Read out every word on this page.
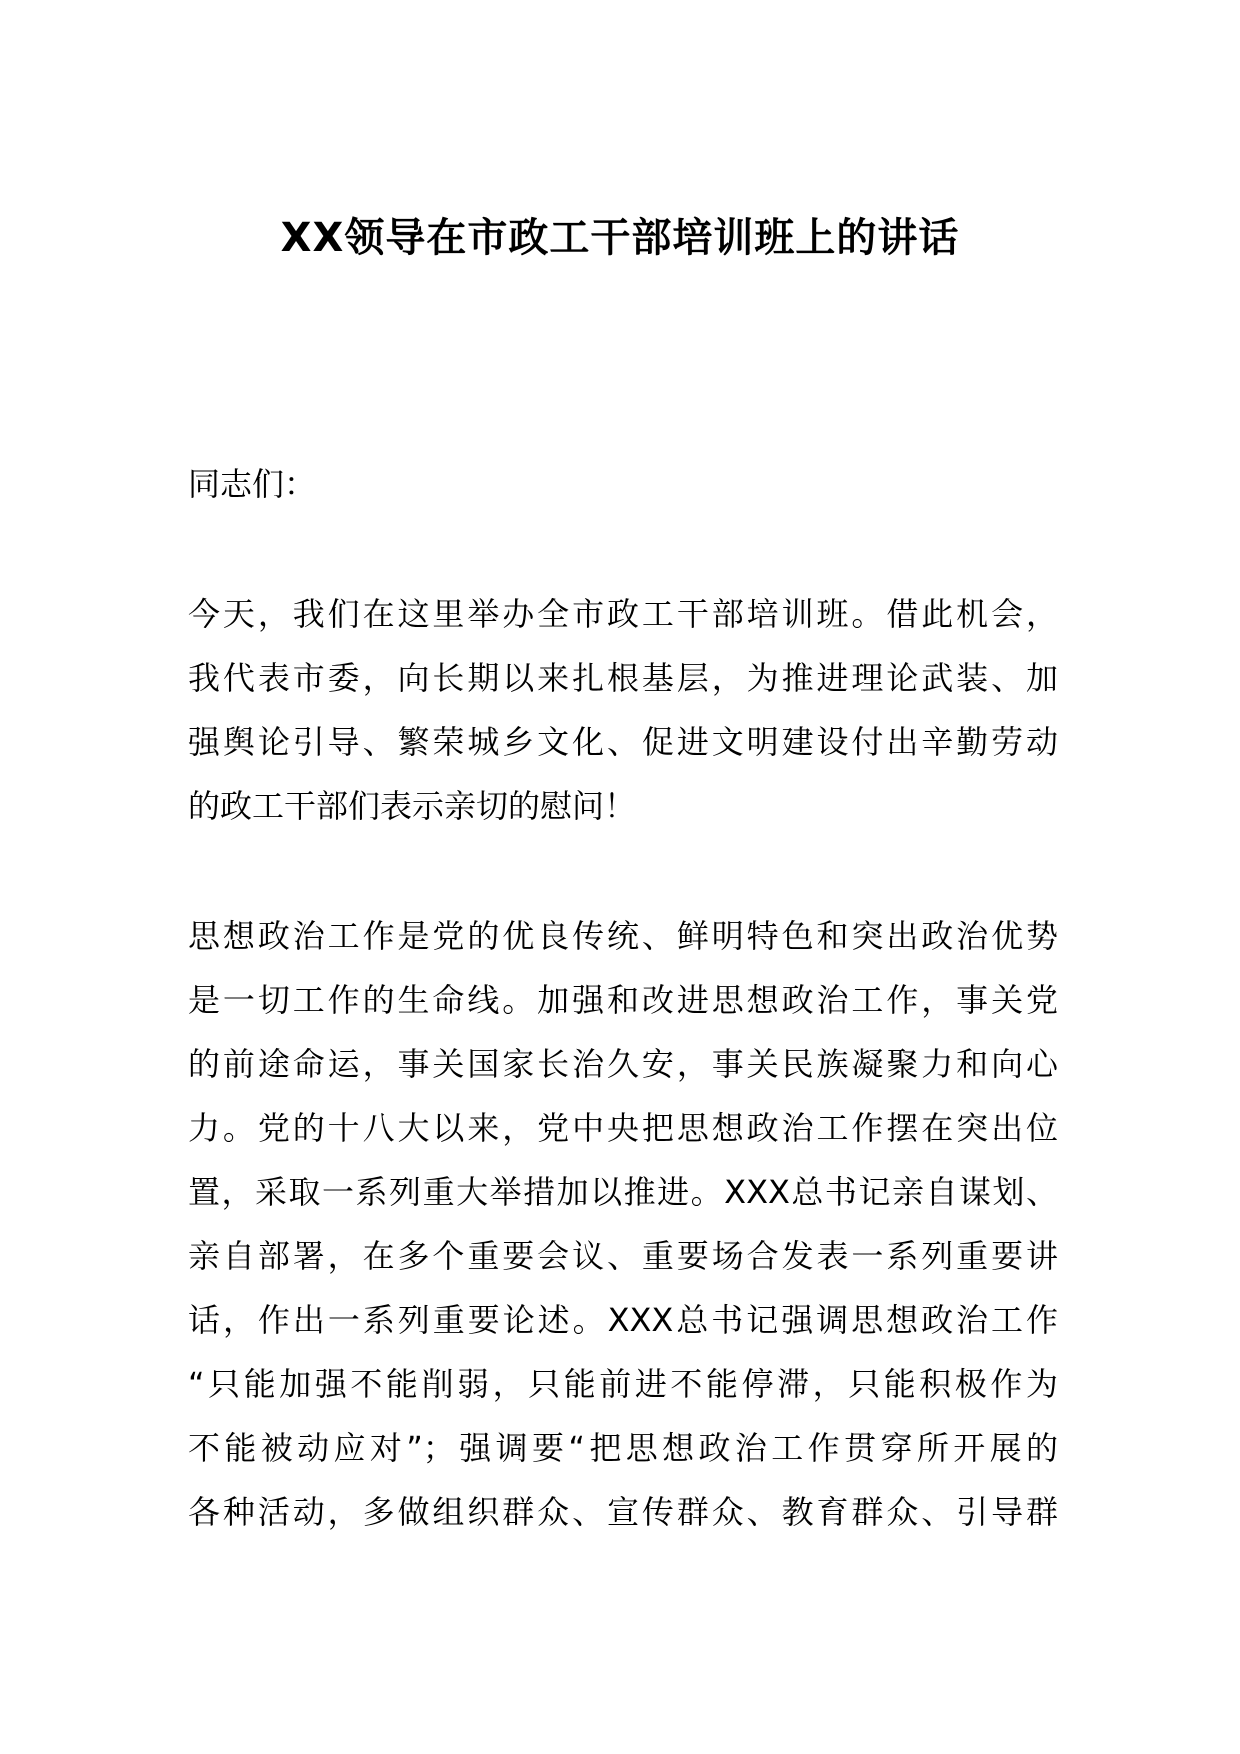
XX领导在市政工干部培训班上的讲话

同志们：

今天，我们在这里举办全市政工干部培训班。借此机会，
我代表市委，向长期以来扎根基层，为推进理论武装、加
强舆论引导、繁荣城乡文化、促进文明建设付出辛勤劳动
的政工干部们表示亲切的慰问！
思想政治工作是党的优良传统、鲜明特色和突出政治优势
是一切工作的生命线。加强和改进思想政治工作，事关党
的前途命运，事关国家长治久安，事关民族凝聚力和向心
力。党的十八大以来，党中央把思想政治工作摆在突出位
置，采取一系列重大举措加以推进。XXX总书记亲自谋划、
亲自部署，在多个重要会议、重要场合发表一系列重要讲
话，作出一系列重要论述。XXX总书记强调思想政治工作
“只能加强不能削弱，只能前进不能停滞，只能积极作为
不能被动应对”；强调要“把思想政治工作贯穿所开展的
各种活动，多做组织群众、宣传群众、教育群众、引导群
